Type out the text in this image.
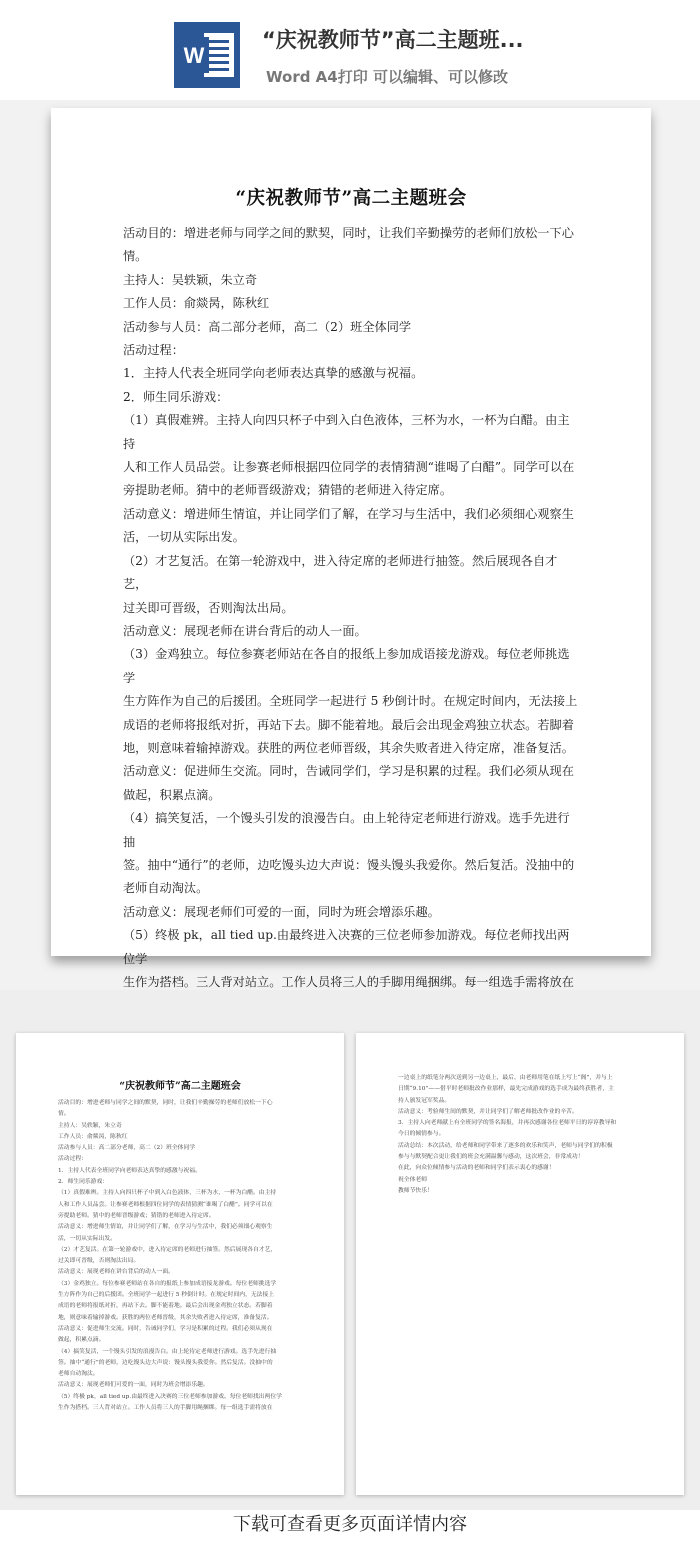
W
“庆祝教师节”高二主题班...
Word A4打印 可以编辑、可以修改
“庆祝教师节”高二主题班会

活动目的：增进老师与同学之间的默契，同时，让我们辛勤操劳的老师们放松一下心

情。

主持人：吴轶颖，朱立奇

工作人员：俞燚昺，陈秋红

活动参与人员：高二部分老师，高二（2）班全体同学

活动过程：

1．主持人代表全班同学向老师表达真挚的感激与祝福。

2．师生同乐游戏：

（1）真假难辨。主持人向四只杯子中到入白色液体，三杯为水，一杯为白醋。由主持

人和工作人员品尝。让参赛老师根据四位同学的表情猜测“谁喝了白醋”。同学可以在

旁提助老师。猜中的老师晋级游戏；猜错的老师进入待定席。

活动意义：增进师生情谊，并让同学们了解，在学习与生活中，我们必须细心观察生

活，一切从实际出发。

（2）才艺复活。在第一轮游戏中，进入待定席的老师进行抽签。然后展现各自才艺，

过关即可晋级，否则淘汰出局。

活动意义：展现老师在讲台背后的动人一面。

（3）金鸡独立。每位参赛老师站在各自的报纸上参加成语接龙游戏。每位老师挑选学

生方阵作为自己的后援团。全班同学一起进行 5 秒倒计时。在规定时间内，无法接上

成语的老师将报纸对折，再站下去。脚不能着地。最后会出现金鸡独立状态。若脚着

地，则意味着输掉游戏。获胜的两位老师晋级，其余失败者进入待定席，准备复活。

活动意义：促进师生交流。同时，告诫同学们，学习是积累的过程。我们必须从现在

做起，积累点滴。

（4）搞笑复活，一个馒头引发的浪漫告白。由上轮待定老师进行游戏。选手先进行抽

签。抽中“通行”的老师，边吃馒头边大声说：馒头馒头我爱你。然后复活。没抽中的

老师自动淘汰。

活动意义：展现老师们可爱的一面，同时为班会增添乐趣。

（5）终极 pk，all tied up.由最终进入决赛的三位老师参加游戏。每位老师找出两位学

生作为搭档。三人背对站立。工作人员将三人的手脚用绳捆绑。每一组选手需将放在

“庆祝教师节”高二主题班会

活动目的：增进老师与同学之间的默契，同时，让我们辛勤操劳的老师们放松一下心

情。

主持人：吴轶颖，朱立奇

工作人员：俞燚昺，陈秋红

活动参与人员：高二部分老师，高二（2）班全体同学

活动过程：

1．主持人代表全班同学向老师表达真挚的感激与祝福。

2．师生同乐游戏：

（1）真假难辨。主持人向四只杯子中到入白色液体，三杯为水，一杯为白醋。由主持

人和工作人员品尝。让参赛老师根据四位同学的表情猜测“谁喝了白醋”。同学可以在

旁提助老师。猜中的老师晋级游戏；猜错的老师进入待定席。

活动意义：增进师生情谊，并让同学们了解，在学习与生活中，我们必须细心观察生

活，一切从实际出发。

（2）才艺复活。在第一轮游戏中，进入待定席的老师进行抽签。然后展现各自才艺，

过关即可晋级，否则淘汰出局。

活动意义：展现老师在讲台背后的动人一面。

（3）金鸡独立。每位参赛老师站在各自的报纸上参加成语接龙游戏。每位老师挑选学

生方阵作为自己的后援团。全班同学一起进行 5 秒倒计时。在规定时间内，无法接上

成语的老师将报纸对折，再站下去。脚不能着地。最后会出现金鸡独立状态。若脚着

地，则意味着输掉游戏。获胜的两位老师晋级，其余失败者进入待定席，准备复活。

活动意义：促进师生交流。同时，告诫同学们，学习是积累的过程。我们必须从现在

做起，积累点滴。

（4）搞笑复活，一个馒头引发的浪漫告白。由上轮待定老师进行游戏。选手先进行抽

签。抽中“通行”的老师，边吃馒头边大声说：馒头馒头我爱你。然后复活。没抽中的

老师自动淘汰。

活动意义：展现老师们可爱的一面，同时为班会增添乐趣。

（5）终极 pk，all tied up.由最终进入决赛的三位老师参加游戏。每位老师找出两位学

生作为搭档。三人背对站立。工作人员将三人的手脚用绳捆绑。每一组选手需将放在

一边桌上的纸笔分两次送到另一边桌上，最后，由老师用笔在纸上写上“阁”，并与上

日期“9.10”——借平时老师批改作业那样，最先完成游戏的选手成为最终获胜者，主

持人颁发冠军奖品。

活动意义：考验师生间的默契，并让同学们了解老师批改作业的辛苦。

3．主持人向老师献上有全班同学的签名海报，并再次感谢各位老师平日的谆谆教导和

今日的倾情参与。

活动总结：本次活动，给老师和同学带来了逐多的欢乐和笑声，老师与同学们的积极

参与与默契配合更让我们的班会充满温馨与感动，这次班会，非常成功！

在此，向众位倾情参与活动的老师和同学们表示衷心的感谢！

祝全体老师

教师节快乐！

下载可查看更多页面详情内容
